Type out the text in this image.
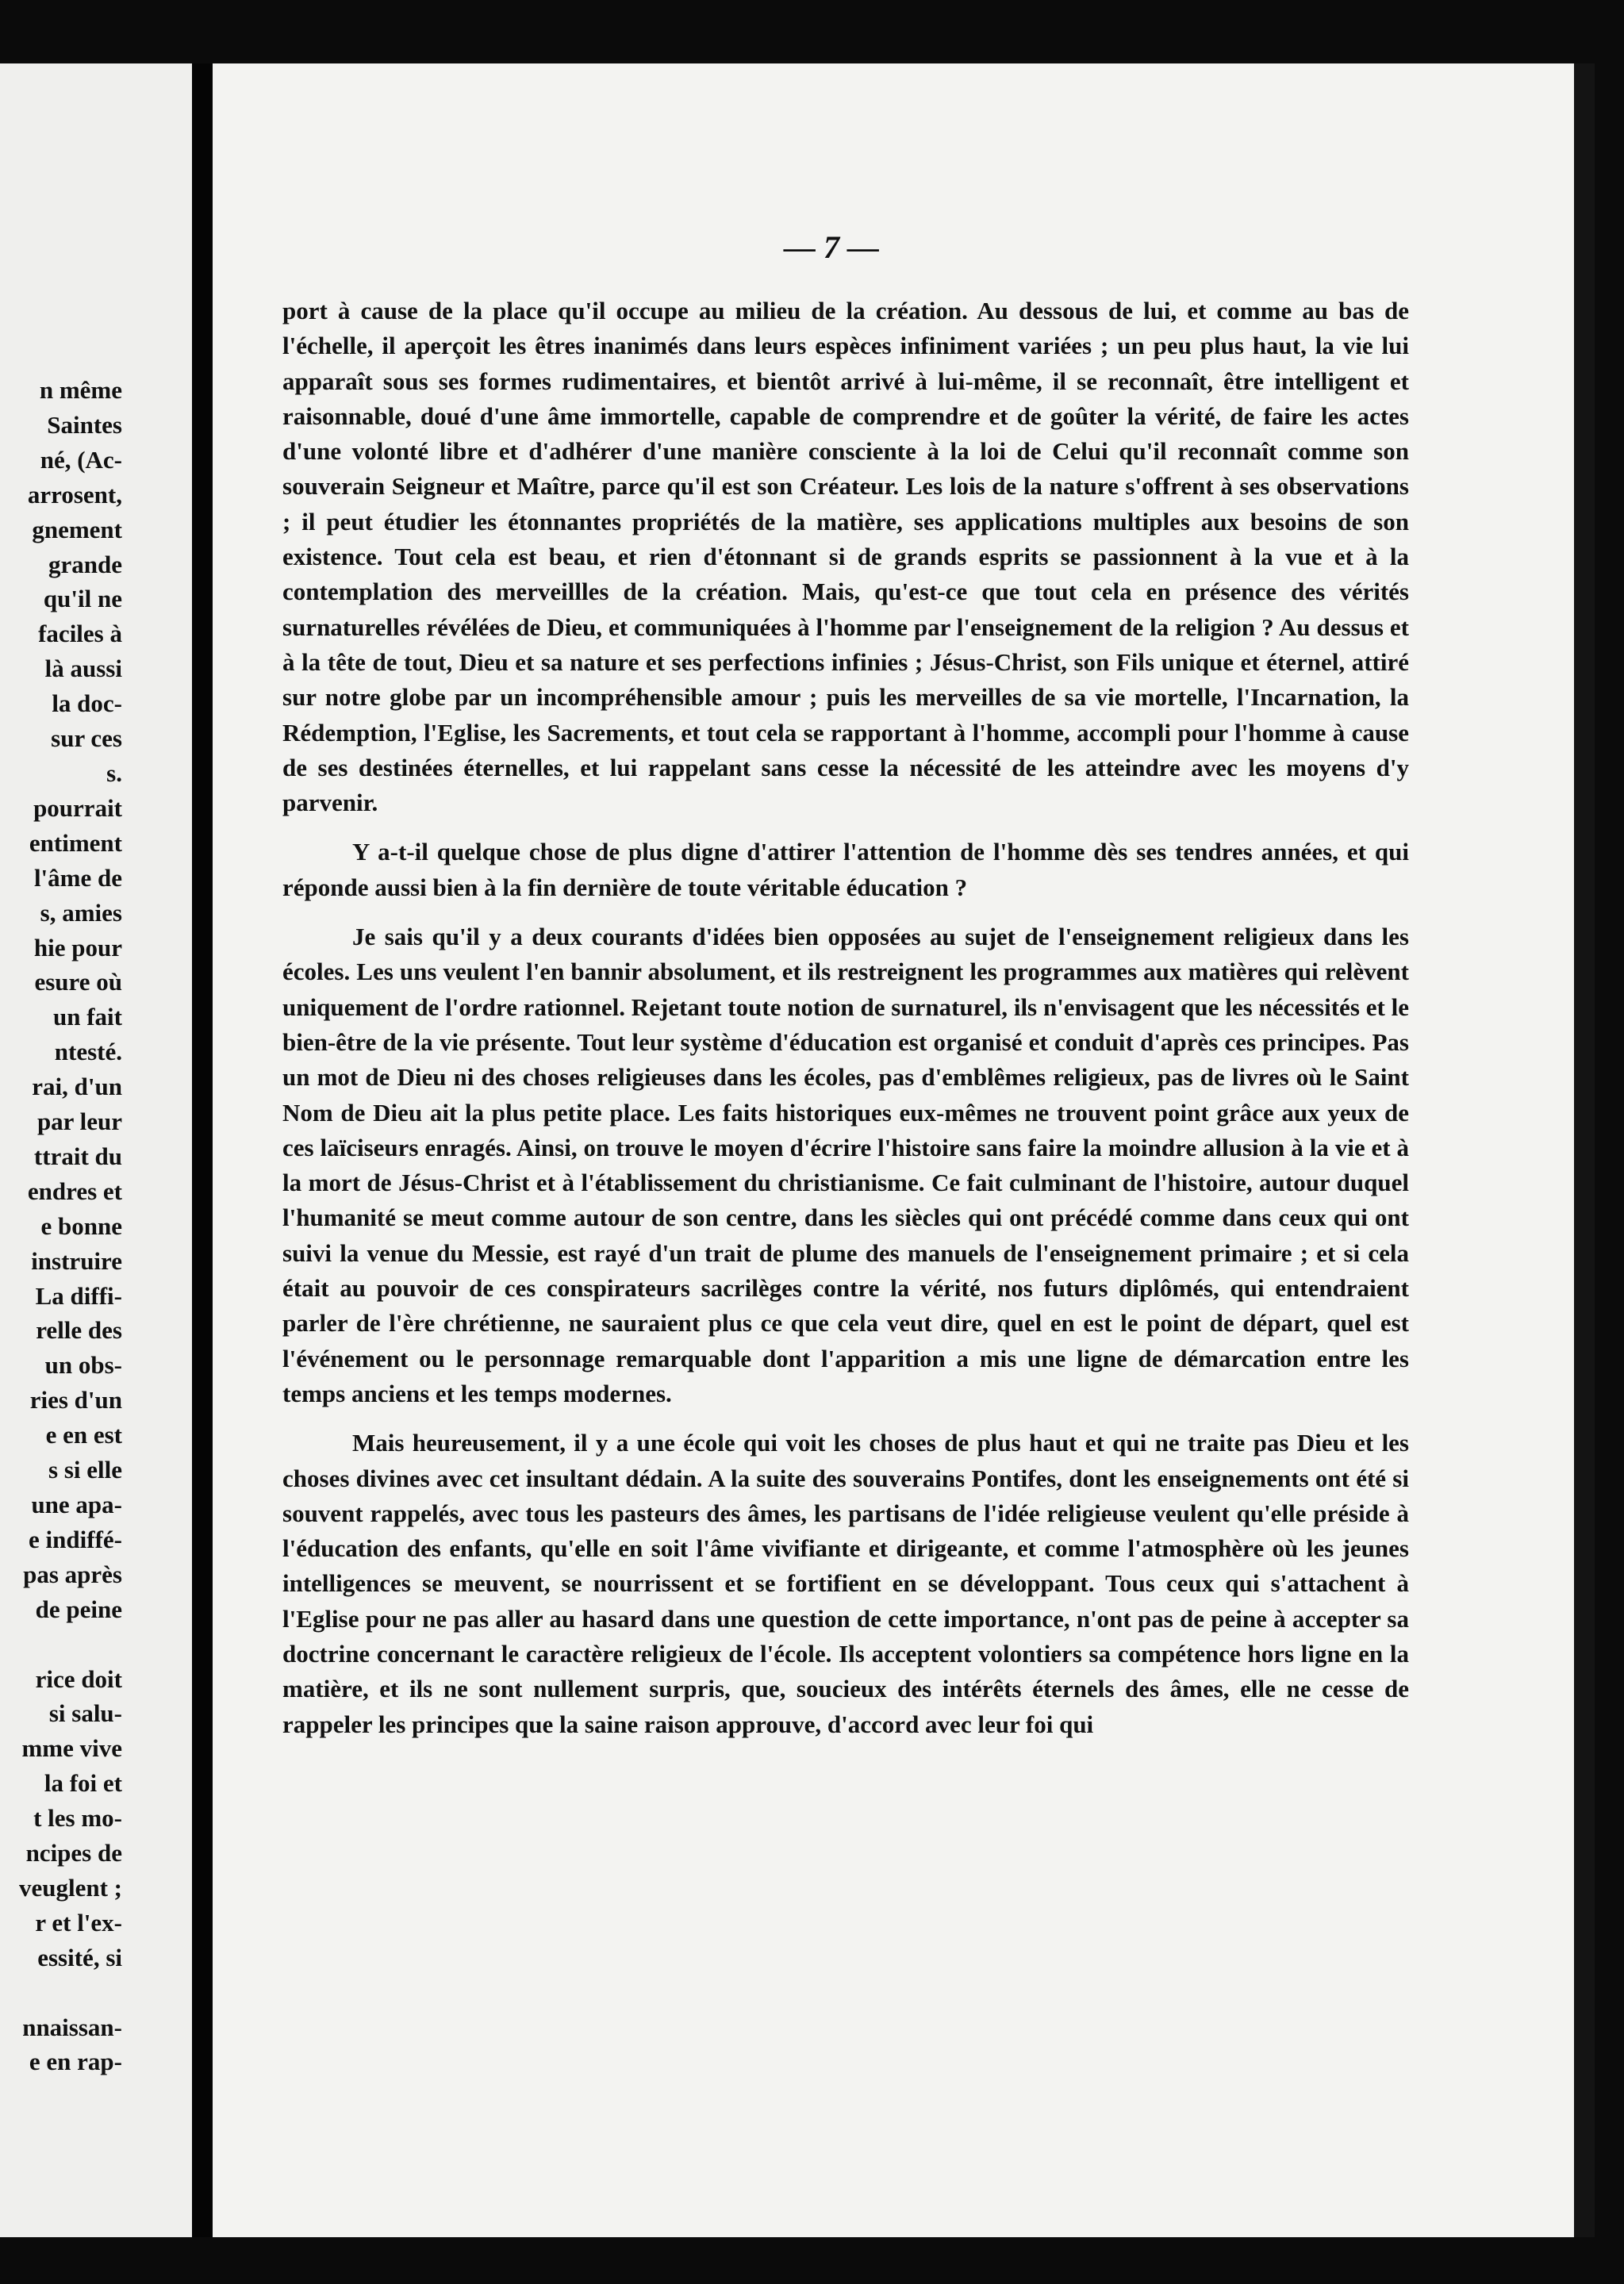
n même
Saintes
né, (Ac-
arrosent,
gnement
grande
qu'il ne
faciles à
là aussi
la doc-
sur ces
s.
pourrait
entiment
l'âme de
s, amies
hie pour
esure où
un fait
ntesté.
rai, d'un
par leur
ttrait du
endres et
e bonne
instruire
La diffi-
relle des
un obs-
ries d'un
e en est
s si elle
une apa-
e indiffé-
pas après
de peine
rice doit
si salu-
mme vive
la foi et
t les mo-
ncipes de
veuglent ;
r et l'ex-
essité, si
nnaissan-
e en rap-
— 7 —

port à cause de la place qu'il occupe au milieu de la création. Au dessous de lui, et comme au bas de l'échelle, il aperçoit les êtres inanimés dans leurs espèces infiniment variées ; un peu plus haut, la vie lui apparaît sous ses formes rudimentaires, et bientôt arrivé à lui-même, il se reconnaît, être intelligent et raisonnable, doué d'une âme immortelle, capable de comprendre et de goûter la vérité, de faire les actes d'une volonté libre et d'adhérer d'une manière consciente à la loi de Celui qu'il reconnaît comme son souverain Seigneur et Maître, parce qu'il est son Créateur. Les lois de la nature s'offrent à ses observations ; il peut étudier les étonnantes propriétés de la matière, ses applications multiples aux besoins de son existence. Tout cela est beau, et rien d'étonnant si de grands esprits se passionnent à la vue et à la contemplation des merveillles de la création. Mais, qu'est-ce que tout cela en présence des vérités surnaturelles révélées de Dieu, et communiquées à l'homme par l'enseignement de la religion ? Au dessus et à la tête de tout, Dieu et sa nature et ses perfections infinies ; Jésus-Christ, son Fils unique et éternel, attiré sur notre globe par un incompréhensible amour ; puis les merveilles de sa vie mortelle, l'Incarnation, la Rédemption, l'Eglise, les Sacrements, et tout cela se rapportant à l'homme, accompli pour l'homme à cause de ses destinées éternelles, et lui rappelant sans cesse la nécessité de les atteindre avec les moyens d'y parvenir.

Y a-t-il quelque chose de plus digne d'attirer l'attention de l'homme dès ses tendres années, et qui réponde aussi bien à la fin dernière de toute véritable éducation ?

Je sais qu'il y a deux courants d'idées bien opposées au sujet de l'enseignement religieux dans les écoles. Les uns veulent l'en bannir absolument, et ils restreignent les programmes aux matières qui relèvent uniquement de l'ordre rationnel. Rejetant toute notion de surnaturel, ils n'envisagent que les nécessités et le bien-être de la vie présente. Tout leur système d'éducation est organisé et conduit d'après ces principes. Pas un mot de Dieu ni des choses religieuses dans les écoles, pas d'emblêmes religieux, pas de livres où le Saint Nom de Dieu ait la plus petite place. Les faits historiques eux-mêmes ne trouvent point grâce aux yeux de ces laïciseurs enragés. Ainsi, on trouve le moyen d'écrire l'histoire sans faire la moindre allusion à la vie et à la mort de Jésus-Christ et à l'établissement du christianisme. Ce fait culminant de l'histoire, autour duquel l'humanité se meut comme autour de son centre, dans les siècles qui ont précédé comme dans ceux qui ont suivi la venue du Messie, est rayé d'un trait de plume des manuels de l'enseignement primaire ; et si cela était au pouvoir de ces conspirateurs sacrilèges contre la vérité, nos futurs diplômés, qui entendraient parler de l'ère chrétienne, ne sauraient plus ce que cela veut dire, quel en est le point de départ, quel est l'événement ou le personnage remarquable dont l'apparition a mis une ligne de démarcation entre les temps anciens et les temps modernes.

Mais heureusement, il y a une école qui voit les choses de plus haut et qui ne traite pas Dieu et les choses divines avec cet insultant dédain. A la suite des souverains Pontifes, dont les enseignements ont été si souvent rappelés, avec tous les pasteurs des âmes, les partisans de l'idée religieuse veulent qu'elle préside à l'éducation des enfants, qu'elle en soit l'âme vivifiante et dirigeante, et comme l'atmosphère où les jeunes intelligences se meuvent, se nourrissent et se fortifient en se développant. Tous ceux qui s'attachent à l'Eglise pour ne pas aller au hasard dans une question de cette importance, n'ont pas de peine à accepter sa doctrine concernant le caractère religieux de l'école. Ils acceptent volontiers sa compétence hors ligne en la matière, et ils ne sont nullement surpris, que, soucieux des intérêts éternels des âmes, elle ne cesse de rappeler les principes que la saine raison approuve, d'accord avec leur foi qui
